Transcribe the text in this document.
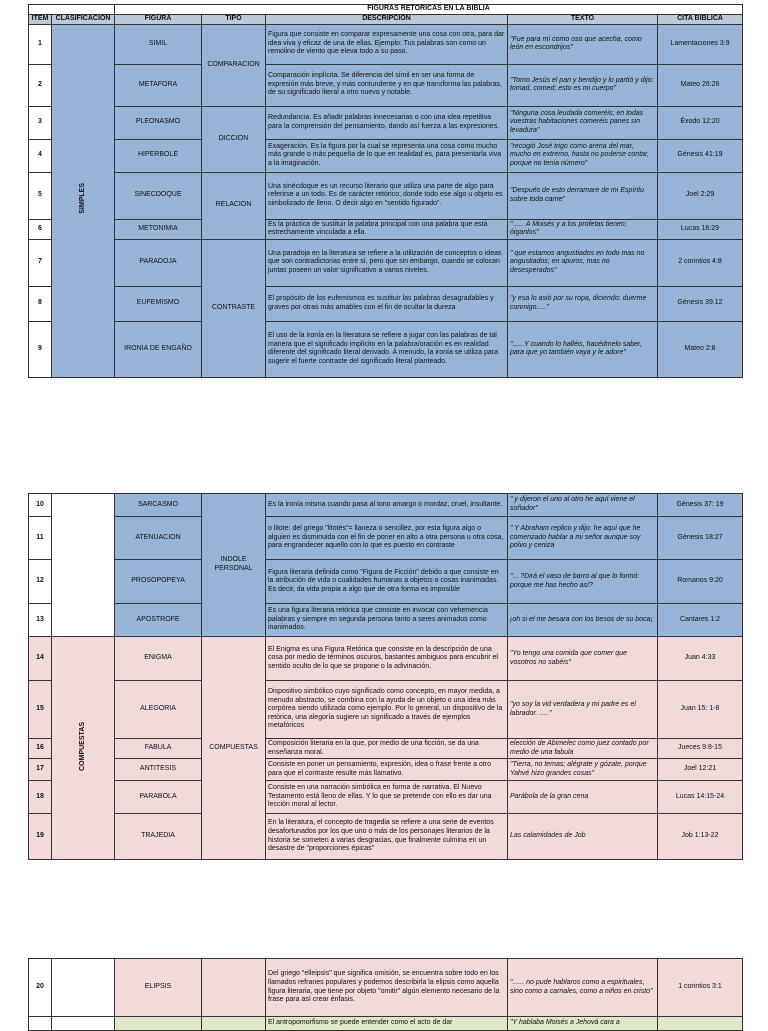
		FIGURAS RETORICAS EN LA BIBLIA				
ITEM	CLASIFICACION	FIGURA	TIPO	DESCRIPCION	TEXTO	CITA BIBLICA
1	SIMPLES	SIMIL	COMPARACION	Figura que consiste en comparar expresamente una cosa con otra, para dar idea viva y eficaz de una de ellas. Ejemplo: Tus palabras son como un remolino de viento que eleva todo a su paso.	"Fue para mí como oso que acecha, como león en escondrijos"	Lamentaciones 3:9
2		METAFORA		Comparación implícita. Se diferencia del símil en ser una forma de expresión más breve, y más contundente y en que transforma las palabras, de su significado literal a otro nuevo y notable.	"Tomo Jesús el pan y bendijo y lo partió y dijo: tomad, comed; esto es mi cuerpo"	Mateo 26:26
3		PLEONASMO	DICCION	Redundancia. Es añadir palabras innecesarias o con una idea repetitiva para la comprensión del pensamiento, dando así fuerza a las expresiones.	"Ninguna cosa leudada comeréis; en todas vuestras habitaciones comeréis panes sin levadura"	Éxodo 12:20
4		HIPERBOLE		Exageración. Es la figura por la cual se representa una cosa como mucho más grande o más pequeña de lo que en realidad es, para presentarla viva a la imaginación.	"recogió José trigo como arena del mar, mucho en extremo, hasta no poderse contar, porque no tenía número"	Génesis 41:19
5		SINECDOQUE	RELACION	Una sinécdoque es un recurso literario que utiliza una parte de algo para referirse a un todo. Es de carácter retórico, donde todo ese algo u objeto es simbolizado de lleno. O decir algo en "sentido figurado".	"Después de esto derramare de mi Espíritu sobre toda carne"	Joel 2:29
6		METONIMIA		Es la práctica de sustituir la palabra principal con una palabra que está estrechamente vinculada a ella.	" ..... A Moisés y a los profetas tienen; óiganlos"	Lucas 16:29
7		PARADOJA	CONTRASTE	Una paradoja en la literatura se refiere a la utilización de conceptos o ideas que son contradictorias entre sí, pero que sin embargo, cuando se colocan juntas poseen un valor significativo a varios niveles.	" que estamos angustiados en todo mas no angustiados; en apuros, mas no desesperados"	2 corintios 4:8
8		EUFEMISMO		El propósito de los eufemismos es sustituir las palabras desagradables y graves por otras más amables con el fin de ocultar la dureza	"y esa lo asió por su ropa, diciendo: duerme conmigo....."	Génesis 39.12
9		IRONIA DE ENGAÑO		El uso de la ironía en la literatura se refiere a jugar con las palabras de tal manera que el significado implícito en la palabra/oración es en realidad diferente del significado literal derivado. A menudo, la ironía se utiliza para sugerir el fuerte contraste del significado literal planteado.	"......Y cuando lo halléis, hacédmelo saber, para que yo también vaya y le adore"	Mateo 2:8
10		SARCASMO	INDOLE PERSONAL	Es la ironía misma cuando pasa al tono amargo o mordaz, cruel, insultante.	" y dijeron el uno al otro he aquí viene el soñador"	Génesis 37: 19
11		ATENUACION		o litote: del griego "litotés"= llaneza o sencillez, por esta figura algo o alguien es disminuida con el fin de poner en alto a otra persona u otra cosa, para engrandecer aquello con lo que es puesto en contraste	" Y Abraham replico y dijo: he aquí que he comenzado hablar a mi señor aunque soy polvo y ceniza	Génesis 18:27
12		PROSOPOPEYA		Figura literaria definida como "Figura de Ficción" debido a que consiste en la atribución de vida o cualidades humanas a objetos o cosas inanimadas. Es decir, da vida propia a algo que de otra forma es imposible	"... ?Dirá el vaso de barro al que lo formó: porque me has hecho así?	Romanos 9:20
13		APOSTROFE		Es una figura literaria retórica que consiste en invocar con vehemencia palabras y siempre en segunda persona tanto a seres animados como inanimados.	¡oh si el me besara con los besos de su boca¡	Cantares 1:2
14	COMPUESTAS	ENIGMA	COMPUESTAS	El Enigma es una Figura Retórica que consiste en la descripción de una cosa por medio de términos oscuros, bastantes ambiguos para encubrir el sentido oculto de lo que se propone o la adivinación.	"Yo tengo una comida que comer que vosotros no sabéis"	Juan 4:33
15		ALEGORIA		Dispositivo simbólico cuyo significado como concepto, en mayor medida, a menudo abstracto, se combina con la ayuda de un objeto o una idea más corpórea siendo utilizada como ejemplo. Por lo general, un dispositivo de la retórica, una alegoría sugiere un significado a través de ejemplos metafóricos	"yo soy la vid verdadera y mi padre es el labrador. ....."	Juan 15: 1-8
16		FABULA		Composición literaria en la que, por medio de una ficción, se da una enseñanza moral.	elección de Abimelec como juez contado por medio de una fabula	Jueces 9:8-15
17		ANTITESIS		Consiste en poner un pensamiento, expresión, idea o frase frente a otro para que el contraste resulte más llamativo.	"Tierra, no temas; alégrate y gózate, porque Yahvé hizo grandes cosas"	Joel 12:21
18		PARABOLA		Consiste en una narración simbólica en forma de narrativa. El Nuevo Testamento está lleno de ellas. Y lo que se pretende con ello es dar una lección moral al lector.	Parábola de la gran cena	Lucas 14:15-24
19		TRAJEDIA		En la literatura, el concepto de tragedia se refiere a una serie de eventos desafortunados por los que uno o más de los personajes literarios de la historia se someten a varias desgracias, que finalmente culmina en un desastre de "proporciones épicas"	Las calamidades de Job	Job 1:13-22
20		ELIPSIS		Del griego "elleipsis" que significa omisión, se encuentra sobre todo en los llamados refranes populares y podemos describirla la elipsis como aquella figura literaria, que tiene por objeto "omitir" algún elemento necesario de la frase para así crear énfasis.	"...... no pude hablaros como a espirituales, sino como a carnales, como a niños en cristo"	1 corintios 3:1
				El antropomorfismo se puede entender como el acto de dar	"Y hablaba Moisés a Jehová cara a	
